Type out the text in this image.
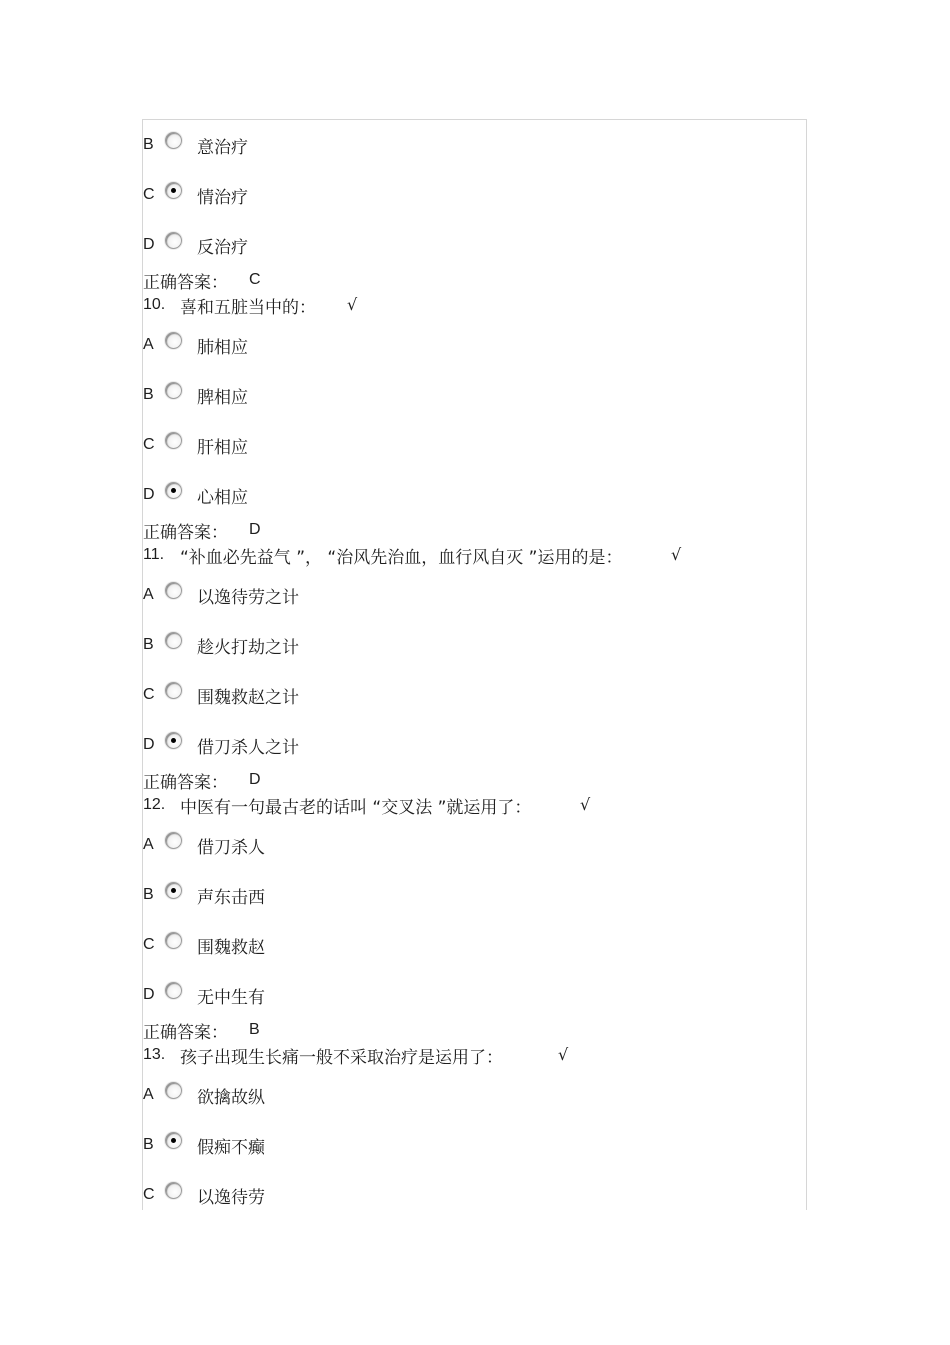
B	意治疗
C	情治疗
D	反治疗
正确答案：	C
10. 喜和五脏当中的： √
A	肺相应
B	脾相应
C	肝相应
D	心相应
正确答案：	D
11. “补血必先益气 ”， “治风先治血，血行风自灭 ”运用的是：	√
A	以逸待劳之计
B	趁火打劫之计
C	围魏救赵之计
D	借刀杀人之计
正确答案：	D
12. 中医有一句最古老的话叫 “交叉法 ”就运用了：	√
A	借刀杀人
B	声东击西
C	围魏救赵
D	无中生有
正确答案：	B
13. 孩子出现生长痛一般不采取治疗是运用了：	√
A	欲擒故纵
B	假痴不癫
C	以逸待劳
